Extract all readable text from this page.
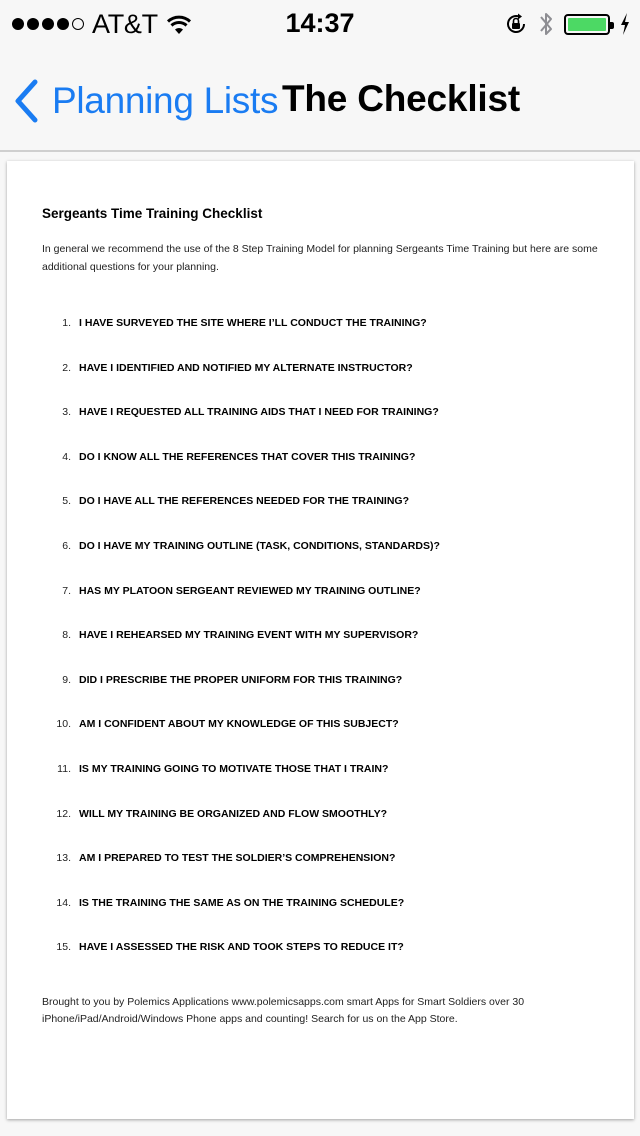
AT&T	14:37
Planning Lists The Checklist
Sergeants Time Training Checklist
In general we recommend the use of the 8 Step Training Model for planning Sergeants Time Training but here are some additional questions for your planning.
1. I HAVE SURVEYED THE SITE WHERE I’LL CONDUCT THE TRAINING?
2. HAVE I IDENTIFIED AND NOTIFIED MY ALTERNATE INSTRUCTOR?
3. HAVE I REQUESTED ALL TRAINING AIDS THAT I NEED FOR TRAINING?
4. DO I KNOW ALL THE REFERENCES THAT COVER THIS TRAINING?
5. DO I HAVE ALL THE REFERENCES NEEDED FOR THE TRAINING?
6. DO I HAVE MY TRAINING OUTLINE (TASK, CONDITIONS, STANDARDS)?
7. HAS MY PLATOON SERGEANT REVIEWED MY TRAINING OUTLINE?
8. HAVE I REHEARSED MY TRAINING EVENT WITH MY SUPERVISOR?
9. DID I PRESCRIBE THE PROPER UNIFORM FOR THIS TRAINING?
10. AM I CONFIDENT ABOUT MY KNOWLEDGE OF THIS SUBJECT?
11. IS MY TRAINING GOING TO MOTIVATE THOSE THAT I TRAIN?
12. WILL MY TRAINING BE ORGANIZED AND FLOW SMOOTHLY?
13. AM I PREPARED TO TEST THE SOLDIER’S COMPREHENSION?
14. IS THE TRAINING THE SAME AS ON THE TRAINING SCHEDULE?
15. HAVE I ASSESSED THE RISK AND TOOK STEPS TO REDUCE IT?
Brought to you by Polemics Applications www.polemicsapps.com smart Apps for Smart Soldiers over 30 iPhone/iPad/Android/Windows Phone apps and counting! Search for us on the App Store.
